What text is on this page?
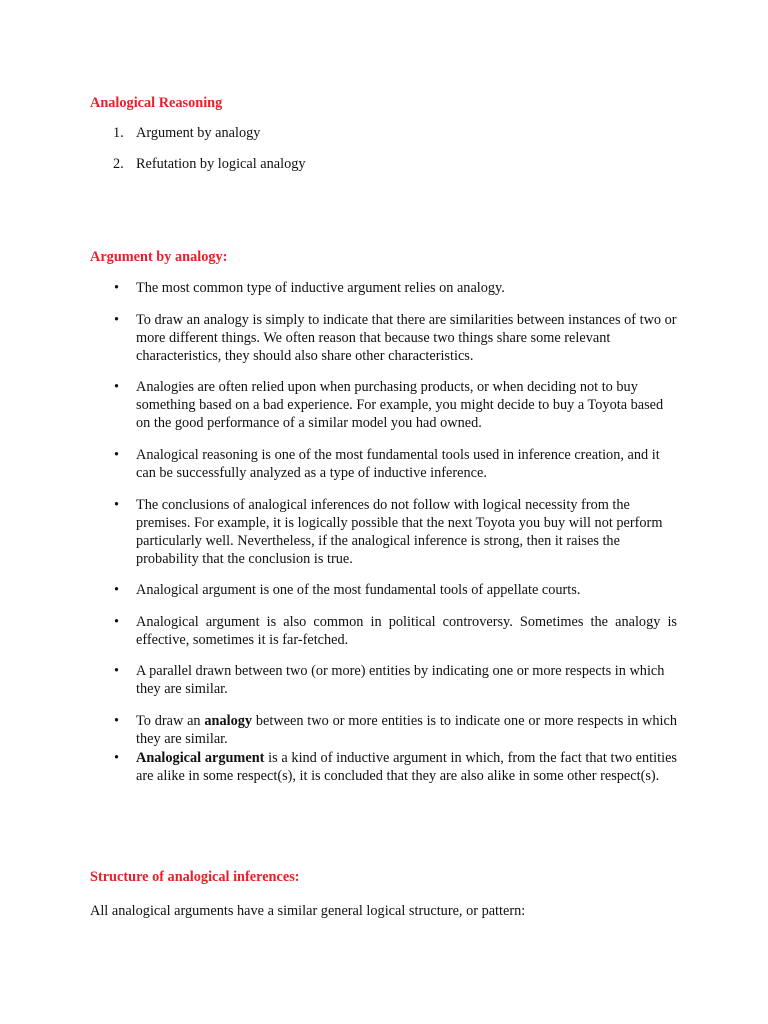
Analogical Reasoning
1. Argument by analogy
2. Refutation by logical analogy
Argument by analogy:
• The most common type of inductive argument relies on analogy.
• To draw an analogy is simply to indicate that there are similarities between instances of two or more different things. We often reason that because two things share some relevant characteristics, they should also share other characteristics.
• Analogies are often relied upon when purchasing products, or when deciding not to buy something based on a bad experience. For example, you might decide to buy a Toyota based on the good performance of a similar model you had owned.
• Analogical reasoning is one of the most fundamental tools used in inference creation, and it can be successfully analyzed as a type of inductive inference.
• The conclusions of analogical inferences do not follow with logical necessity from the premises. For example, it is logically possible that the next Toyota you buy will not perform particularly well. Nevertheless, if the analogical inference is strong, then it raises the probability that the conclusion is true.
• Analogical argument is one of the most fundamental tools of appellate courts.
• Analogical argument is also common in political controversy. Sometimes the analogy is effective, sometimes it is far-fetched.
• A parallel drawn between two (or more) entities by indicating one or more respects in which they are similar.
• To draw an analogy between two or more entities is to indicate one or more respects in which they are similar.
• Analogical argument is a kind of inductive argument in which, from the fact that two entities are alike in some respect(s), it is concluded that they are also alike in some other respect(s).
Structure of analogical inferences:
All analogical arguments have a similar general logical structure, or pattern:
